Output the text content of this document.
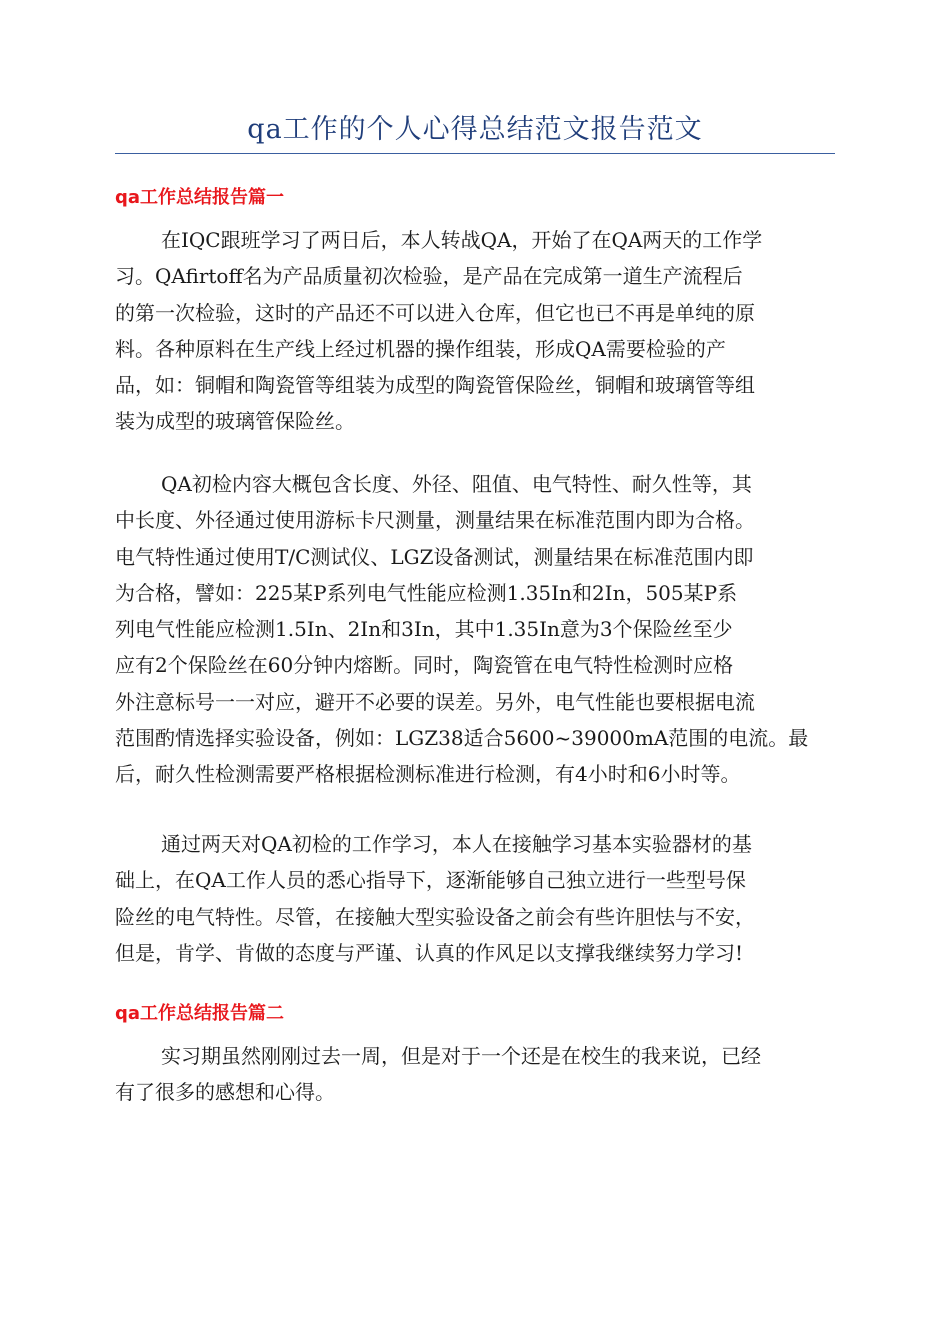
qa工作的个人心得总结范文报告范文
qa工作总结报告篇一
在IQC跟班学习了两日后，本人转战QA，开始了在QA两天的工作学
习。QAfirtoff名为产品质量初次检验，是产品在完成第一道生产流程后
的第一次检验，这时的产品还不可以进入仓库，但它也已不再是单纯的原
料。各种原料在生产线上经过机器的操作组装，形成QA需要检验的产
品，如：铜帽和陶瓷管等组装为成型的陶瓷管保险丝，铜帽和玻璃管等组
装为成型的玻璃管保险丝。
QA初检内容大概包含长度、外径、阻值、电气特性、耐久性等，其
中长度、外径通过使用游标卡尺测量，测量结果在标准范围内即为合格。
电气特性通过使用T/C测试仪、LGZ设备测试，测量结果在标准范围内即
为合格，譬如：225某P系列电气性能应检测1.35In和2In，505某P系
列电气性能应检测1.5In、2In和3In，其中1.35In意为3个保险丝至少
应有2个保险丝在60分钟内熔断。同时，陶瓷管在电气特性检测时应格
外注意标号一一对应，避开不必要的误差。另外，电气性能也要根据电流
范围酌情选择实验设备，例如：LGZ38适合5600~39000mA范围的电流。最
后，耐久性检测需要严格根据检测标准进行检测，有4小时和6小时等。
通过两天对QA初检的工作学习，本人在接触学习基本实验器材的基
础上，在QA工作人员的悉心指导下，逐渐能够自己独立进行一些型号保
险丝的电气特性。尽管，在接触大型实验设备之前会有些许胆怯与不安，
但是，肯学、肯做的态度与严谨、认真的作风足以支撑我继续努力学习!
qa工作总结报告篇二
实习期虽然刚刚过去一周，但是对于一个还是在校生的我来说，已经
有了很多的感想和心得。
